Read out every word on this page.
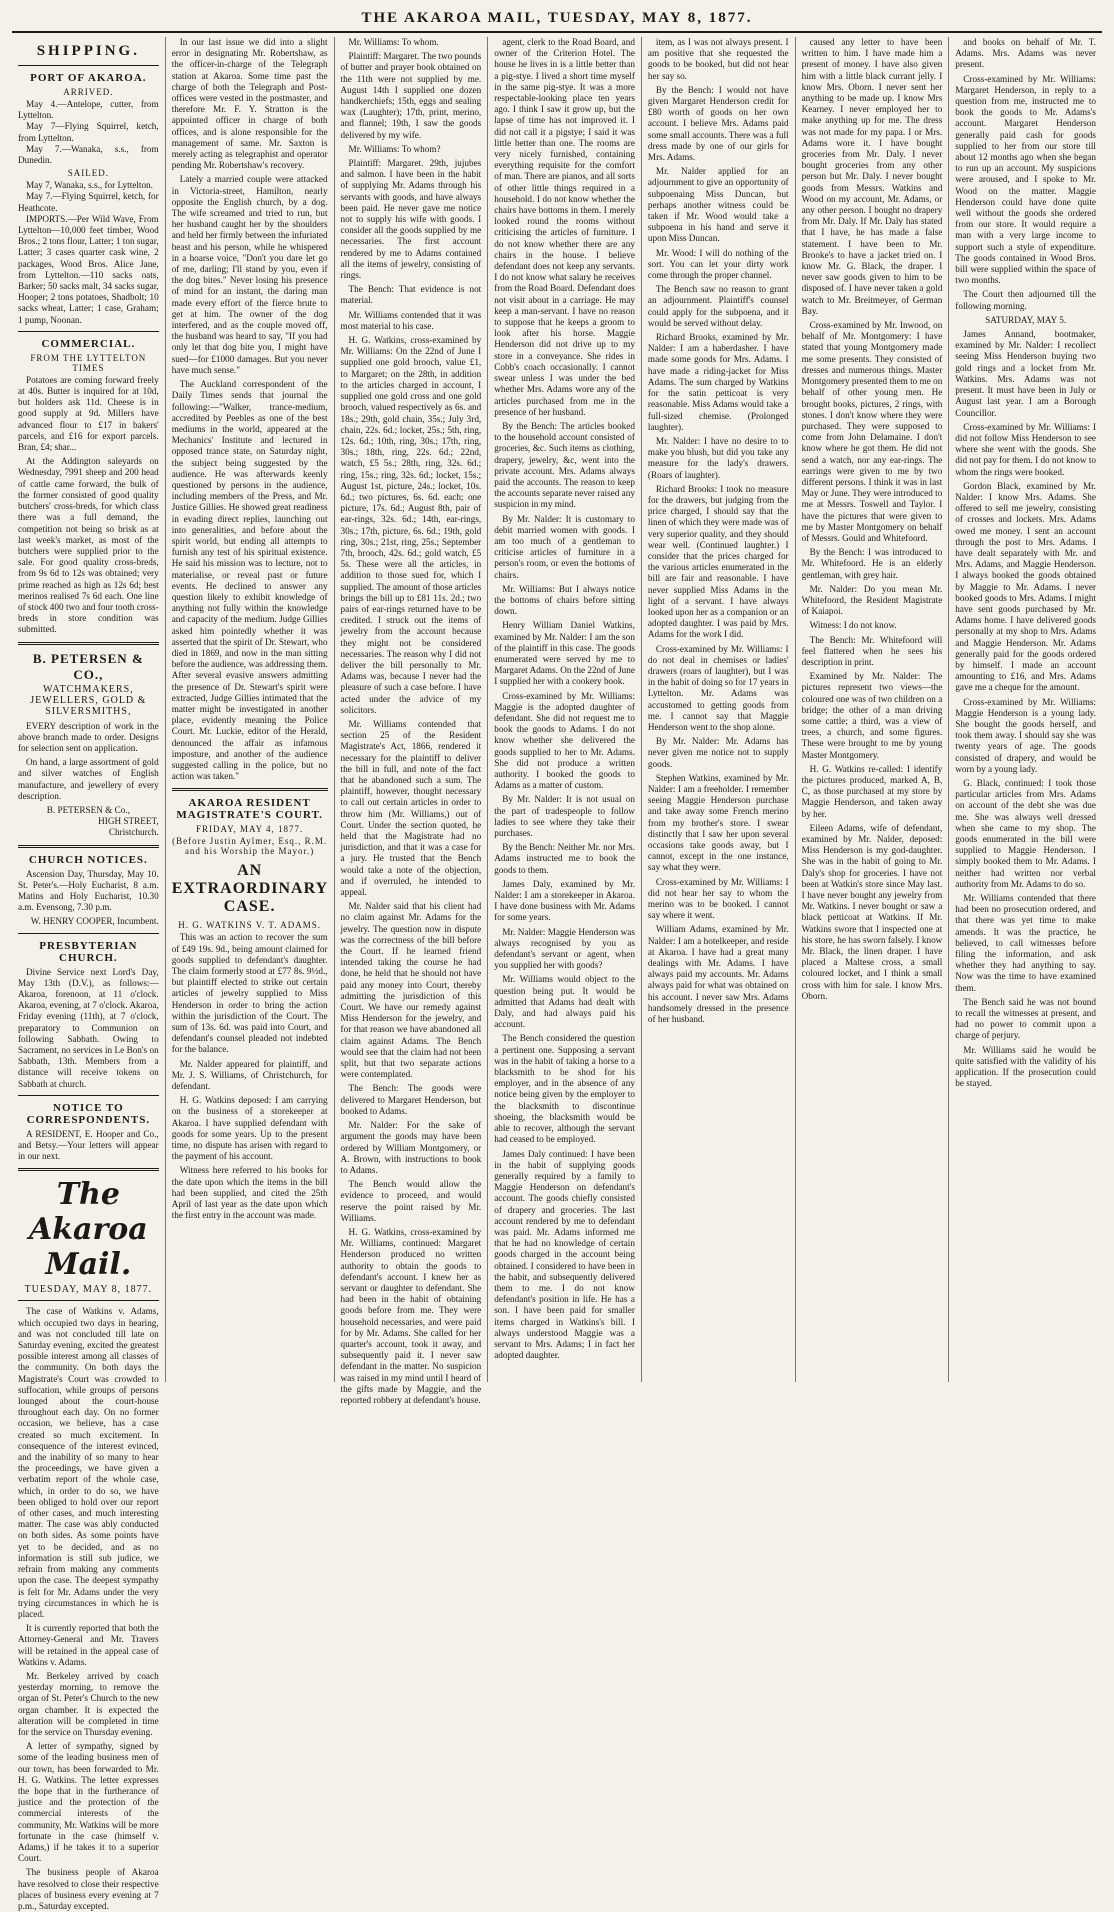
THE AKAROA MAIL, TUESDAY, MAY 8, 1877.
SHIPPING.
PORT OF AKAROA.
ARRIVED.

May 4.—Antelope, cutter, from Lyttelton.

May 7—Flying Squirrel, ketch, from Lyttelton.

May 7.—Wanaka, s.s., from Dunedin.

SAILED.

May 7, Wanaka, s.s., for Lyttelton.

May 7.—Flying Squirrel, ketch, for Heathcote.

IMPORTS.—Per Wild Wave, From Lyttelton—10,000 feet timber, Wood Bros.; 2 tons flour, Latter; 1 ton sugar, Latter; 3 cases quarter cask wine, 2 packages, Wood Bros. Alice Jane, from Lyttelton.—110 sacks oats, Barker; 50 sacks malt, 34 sacks sugar, Hooper; 2 tons potatoes, Shadbolt; 10 sacks wheat, Latter; 1 case, Graham; 1 pump, Noonan.

COMMERCIAL.
FROM THE LYTTELTON TIMES

Potatoes are coming forward freely at 40s. Butter is inquired for at 10d, but holders ask 11d. Cheese is in good supply at 9d. Millers have advanced flour to £17 in bakers' parcels, and £16 for export parcels. Bran, £4; shar...

At the Addington saleyards on Wednesday, 7991 sheep and 200 head of cattle came forward, the bulk of the former consisted of good quality butchers' cross-breds, for which class there was a full demand, the competition not being so brisk as at last week's market, as most of the butchers were supplied prior to the sale. For good quality cross-breds, from 9s 6d to 12s was obtained; very prime reached as high as 12s 6d; best merinos realised 7s 6d each. One line of stock 400 two and four tooth cross-breds in store condition was submitted.

B. PETERSEN & CO.,
WATCHMAKERS, JEWELLERS, GOLD & SILVERSMITHS,

EVERY description of work in the above branch made to order. Designs for selection sent on application.

On hand, a large assortment of gold and silver watches of English manufacture, and jewellery of every description.

B. PETERSEN & Co.,

HIGH STREET,

Christchurch.

CHURCH NOTICES.

Ascension Day, Thursday, May 10. St. Peter's.—Holy Eucharist, 8 a.m. Matins and Holy Eucharist, 10.30 a.m. Evensong, 7.30 p.m.

W. HENRY COOPER, Incumbent.

PRESBYTERIAN CHURCH.

Divine Service next Lord's Day, May 13th (D.V.), as follows:— Akaroa, forenoon, at 11 o'clock. Akaroa, evening, at 7 o'clock. Akaroa, Friday evening (11th), at 7 o'clock, preparatory to Communion on following Sabbath. Owing to Sacrament, no services in Le Bon's on Sabbath, 13th. Members from a distance will receive tokens on Sabbath at church.

NOTICE TO CORRESPONDENTS.

A RESIDENT, E. Hooper and Co., and Betsy.—Your letters will appear in our next.

The Akaroa Mail.
TUESDAY, MAY 8, 1877.

The case of Watkins v. Adams, which occupied two days in hearing, and was not concluded till late on Saturday evening, excited the greatest possible interest among all classes of the community. On both days the Magistrate's Court was crowded to suffocation, while groups of persons lounged about the court-house throughout each day. On no former occasion, we believe, has a case created so much excitement. In consequence of the interest evinced, and the inability of so many to hear the proceedings, we have given a verbatim report of the whole case, which, in order to do so, we have been obliged to hold over our report of other cases, and much interesting matter. The case was ably conducted on both sides. As some points have yet to be decided, and as no information is still sub judice, we refrain from making any comments upon the case. The deepest sympathy is felt for Mr. Adams under the very trying circumstances in which he is placed.

It is currently reported that both the Attorney-General and Mr. Travers will be retained in the appeal case of Watkins v. Adams.

Mr. Berkeley arrived by coach yesterday morning, to remove the organ of St. Peter's Church to the new organ chamber. It is expected the alteration will be completed in time for the service on Thursday evening.

A letter of sympathy, signed by some of the leading business men of our town, has been forwarded to Mr. H. G. Watkins. The letter expresses the hope that in the furtherance of justice and the protection of the commercial interests of the community, Mr. Watkins will be more fortunate in the case (himself v. Adams,) if he takes it to a superior Court.

The business people of Akaroa have resolved to close their respective places of business every evening at 7 p.m., Saturday excepted.

In our last issue we did into a slight error in designating Mr. Robertshaw, as the officer-in-charge of the Telegraph station at Akaroa. Some time past the charge of both the Telegraph and Post-offices were vested in the postmaster, and therefore Mr. F. Y. Stratton is the appointed officer in charge of both offices, and is alone responsible for the management of same. Mr. Saxton is merely acting as telegraphist and operator pending Mr. Robertshaw's recovery.

Lately a married couple were attacked in Victoria-street, Hamilton, nearly opposite the English church, by a dog. The wife screamed and tried to run, but her husband caught her by the shoulders and held her firmly between the infuriated beast and his person, while he whispered in a hoarse voice, "Don't you dare let go of me, darling; I'll stand by you, even if the dog bites." Never losing his presence of mind for an instant, the daring man made every effort of the fierce brute to get at him. The owner of the dog interfered, and as the couple moved off, the husband was heard to say, "If you had only let that dog bite you, I might have sued—for £1000 damages. But you never have much sense."

The Auckland correspondent of the Daily Times sends that journal the following:—"Walker, trance-medium, accredited by Peebles as one of the best mediums in the world, appeared at the Mechanics' Institute and lectured in opposed trance state, on Saturday night, the subject being suggested by the audience. He was afterwards keenly questioned by persons in the audience, including members of the Press, and Mr. Justice Gillies. He showed great readiness in evading direct replies, launching out into generalities, and before about the spirit world, but ending all attempts to furnish any test of his spiritual existence. He said his mission was to lecture, not to materialise, or reveal past or future events. He declined to answer any question likely to exhibit knowledge of anything not fully within the knowledge and capacity of the medium. Judge Gillies asked him pointedly whether it was asserted that the spirit of Dr. Stewart, who died in 1869, and now in the man sitting before the audience, was addressing them. After several evasive answers admitting the presence of Dr. Stewart's spirit were extracted, Judge Gillies intimated that the matter might be investigated in another place, evidently meaning the Police Court. Mr. Luckie, editor of the Herald, denounced the affair as infamous imposture, and another of the audience suggested calling in the police, but no action was taken."

AKAROA RESIDENT MAGISTRATE'S COURT.
FRIDAY, MAY 4, 1877.
(Before Justin Aylmer, Esq., R.M. and his Worship the Mayor.)
AN EXTRAORDINARY CASE.
H. G. WATKINS V. T. ADAMS.

This was an action to recover the sum of £49 19s. 9d., being amount claimed for goods supplied to defendant's daughter. The claim formerly stood at £77 8s. 9½d., but plaintiff elected to strike out certain articles of jewelry supplied to Miss Henderson in order to bring the action within the jurisdiction of the Court. The sum of 13s. 6d. was paid into Court, and defendant's counsel pleaded not indebted for the balance.

Mr. Nalder appeared for plaintiff, and Mr. J. S. Williams, of Christchurch, for defendant.

H. G. Watkins deposed: I am carrying on the business of a storekeeper at Akaroa. I have supplied defendant with goods for some years. Up to the present time, no dispute has arisen with regard to the payment of his account.

Witness here referred to his books for the date upon which the items in the bill had been supplied, and cited the 25th April of last year as the date upon which the first entry in the account was made.

Mr. Williams: To whom.

Plaintiff: Margaret. The two pounds of butter and prayer book obtained on the 11th were not supplied by me. August 14th I supplied one dozen handkerchiefs; 15th, eggs and sealing wax (Laughter); 17th, print, merino, and flannel; 19th, I saw the goods delivered by my wife.

Mr. Williams: To whom?

Plaintiff: Margaret. 29th, jujubes and salmon. I have been in the habit of supplying Mr. Adams through his servants with goods, and have always been paid. He never gave me notice not to supply his wife with goods. I consider all the goods supplied by me necessaries. The first account rendered by me to Adams contained all the items of jewelry, consisting of rings.

The Bench: That evidence is not material.

Mr. Williams contended that it was most material to his case.

H. G. Watkins, cross-examined by Mr. Williams: On the 22nd of June I supplied one gold brooch, value £1, to Margaret; on the 28th, in addition to the articles charged in account, I supplied one gold cross and one gold brooch, valued respectively as 6s. and 18s.; 29th, gold chain, 35s.; July 3rd, chain, 22s. 6d.; locket, 25s.; 5th, ring, 12s. 6d.; 10th, ring, 30s.; 17th, ring, 30s.; 18th, ring, 22s. 6d.; 22nd, watch, £5 5s.; 28th, ring, 32s. 6d.; ring, 15s.; ring, 32s. 6d.; locket, 15s.; August 1st, picture, 24s.; locket, 10s. 6d.; two pictures, 6s. 6d. each; one picture, 17s. 6d.; August 8th, pair of ear-rings, 32s. 6d.; 14th, ear-rings, 30s.; 17th, picture, 6s. 6d.; 19th, gold ring, 30s.; 21st, ring, 25s.; September 7th, brooch, 42s. 6d.; gold watch, £5 5s. These were all the articles, in addition to those sued for, which I supplied. The amount of those articles brings the bill up to £81 11s. 2d.; two pairs of ear-rings returned have to be credited. I struck out the items of jewelry from the account because they might not be considered necessaries. The reason why I did not deliver the bill personally to Mr. Adams was, because I never had the pleasure of such a case before. I have acted under the advice of my solicitors.

Mr. Williams contended that section 25 of the Resident Magistrate's Act, 1866, rendered it necessary for the plaintiff to deliver the bill in full, and note of the fact that he abandoned such a sum. The plaintiff, however, thought necessary to call out certain articles in order to throw him (Mr. Williams,) out of Court. Under the section quoted, he held that the Magistrate had no jurisdiction, and that it was a case for a jury. He trusted that the Bench would take a note of the objection, and if overruled, he intended to appeal.

Mr. Nalder said that his client had no claim against Mr. Adams for the jewelry. The question now in dispute was the correctness of the bill before the Court. If he learned friend intended taking the course he had done, he held that he should not have paid any money into Court, thereby admitting the jurisdiction of this Court. We have our remedy against Miss Henderson for the jewelry, and for that reason we have abandoned all claim against Adams. The Bench would see that the claim had not been split, but that two separate actions were contemplated.

The Bench: The goods were delivered to Margaret Henderson, but booked to Adams.

Mr. Nalder: For the sake of argument the goods may have been ordered by William Montgomery, or A. Brown, with instructions to book to Adams.

The Bench would allow the evidence to proceed, and would reserve the point raised by Mr. Williams.

H. G. Watkins, cross-examined by Mr. Williams, continued: Margaret Henderson produced no written authority to obtain the goods to defendant's account. I knew her as servant or daughter to defendant. She had been in the habit of obtaining goods before from me. They were household necessaries, and were paid for by Mr. Adams. She called for her quarter's account, took it away, and subsequently paid it. I never saw defendant in the matter. No suspicion was raised in my mind until I heard of the gifts made by Maggie, and the reported robbery at defendant's house.

agent, clerk to the Road Board, and owner of the Criterion Hotel. The house he lives in is a little better than a pig-stye. I lived a short time myself in the same pig-stye. It was a more respectable-looking place ten years ago. I think I saw it grow up, but the lapse of time has not improved it. I did not call it a pigstye; I said it was little better than one. The rooms are very nicely furnished, containing everything requisite for the comfort of man. There are pianos, and all sorts of other little things required in a household. I do not know whether the chairs have bottoms in them. I merely looked round the rooms without criticising the articles of furniture. I do not know whether there are any chairs in the house. I believe defendant does not keep any servants. I do not know what salary he receives from the Road Board. Defendant does not visit about in a carriage. He may keep a man-servant. I have no reason to suppose that he keeps a groom to look after his horse. Maggie Henderson did not drive up to my store in a conveyance. She rides in Cobb's coach occasionally. I cannot swear unless I was under the bed whether Mrs. Adams wore any of the articles purchased from me in the presence of her husband.

By the Bench: The articles booked to the household account consisted of groceries, &c. Such items as clothing, drapery, jewelry, &c, went into the private account. Mrs. Adams always paid the accounts. The reason to keep the accounts separate never raised any suspicion in my mind.

By Mr. Nalder: It is customary to debit married women with goods. I am too much of a gentleman to criticise articles of furniture in a person's room, or even the bottoms of chairs.

Mr. Williams: But I always notice the bottoms of chairs before sitting down.

Henry William Daniel Watkins, examined by Mr. Nalder: I am the son of the plaintiff in this case. The goods enumerated were served by me to Margaret Adams. On the 22nd of June I supplied her with a cookery book.

Cross-examined by Mr. Williams: Maggie is the adopted daughter of defendant. She did not request me to book the goods to Adams. I do not know whether she delivered the goods supplied to her to Mr. Adams. She did not produce a written authority. I booked the goods to Adams as a matter of custom.

By Mr. Nalder: It is not usual on the part of tradespeople to follow ladies to see where they take their purchases.

By the Bench: Neither Mr. nor Mrs. Adams instructed me to book the goods to them.

James Daly, examined by Mr. Nalder: I am a storekeeper in Akaroa. I have done business with Mr. Adams for some years.

Mr. Nalder: Maggie Henderson was always recognised by you as defendant's servant or agent, when you supplied her with goods?

Mr. Williams would object to the question being put. It would be admitted that Adams had dealt with Daly, and had always paid his account.

The Bench considered the question a pertinent one. Supposing a servant was in the habit of taking a horse to a blacksmith to be shod for his employer, and in the absence of any notice being given by the employer to the blacksmith to discontinue shoeing, the blacksmith would be able to recover, although the servant had ceased to be employed.

James Daly continued: I have been in the habit of supplying goods generally required by a family to Maggie Henderson on defendant's account. The goods chiefly consisted of drapery and groceries. The last account rendered by me to defendant was paid. Mr. Adams informed me that he had no knowledge of certain goods charged in the account being obtained. I considered to have been in the habit, and subsequently delivered them to me. I do not know defendant's position in life. He has a son. I have been paid for smaller items charged in Watkins's bill. I always understood Maggie was a servant to Mrs. Adams; I in fact her adopted daughter.

item, as I was not always present. I am positive that she requested the goods to be booked, but did not hear her say so.

By the Bench: I would not have given Margaret Henderson credit for £80 worth of goods on her own account. I believe Mrs. Adams paid some small accounts. There was a full dress made by one of our girls for Mrs. Adams.

Mr. Nalder applied for an adjournment to give an opportunity of subpoenaing Miss Duncan, but perhaps another witness could be taken if Mr. Wood would take a subpoena in his hand and serve it upon Miss Duncan.

Mr. Wood: I will do nothing of the sort. You can let your dirty work come through the proper channel.

The Bench saw no reason to grant an adjournment. Plaintiff's counsel could apply for the subpoena, and it would be served without delay.

Richard Brooks, examined by Mr. Nalder: I am a haberdasher. I have made some goods for Mrs. Adams. I have made a riding-jacket for Miss Adams. The sum charged by Watkins for the satin petticoat is very reasonable. Miss Adams would take a full-sized chemise. (Prolonged laughter).

Mr. Nalder: I have no desire to to make you blush, but did you take any measure for the lady's drawers. (Roars of laughter).

Richard Brooks: I took no measure for the drawers, but judging from the price charged, I should say that the linen of which they were made was of very superior quality, and they should wear well. (Continued laughter.) I consider that the prices charged for the various articles enumerated in the bill are fair and reasonable. I have never supplied Miss Adams in the light of a servant. I have always looked upon her as a companion or an adopted daughter. I was paid by Mrs. Adams for the work I did.

Cross-examined by Mr. Williams: I do not deal in chemises or ladies' drawers (roars of laughter), but I was in the habit of doing so for 17 years in Lyttelton. Mr. Adams was accustomed to getting goods from me. I cannot say that Maggie Henderson went to the shop alone.

By Mr. Nalder: Mr. Adams has never given me notice not to supply goods.

Stephen Watkins, examined by Mr. Nalder: I am a freeholder. I remember seeing Maggie Henderson purchase and take away some French merino from my brother's store. I swear distinctly that I saw her upon several occasions take goods away, but I cannot, except in the one instance, say what they were.

Cross-examined by Mr. Williams: I did not hear her say to whom the merino was to be booked. I cannot say where it went.

William Adams, examined by Mr. Nalder: I am a hotelkeeper, and reside at Akaroa. I have had a great many dealings with Mr. Adams. I have always paid my accounts. Mr. Adams always paid for what was obtained on his account. I never saw Mrs. Adams handsomely dressed in the presence of her husband.

caused any letter to have been written to him. I have made him a present of money. I have also given him with a little black currant jelly. I know Mrs. Oborn. I never sent her anything to be made up. I know Mrs Kearney. I never employed her to make anything up for me. The dress was not made for my papa. I or Mrs. Adams wore it. I have bought groceries from Mr. Daly. I never bought groceries from any other person but Mr. Daly. I never bought goods from Messrs. Watkins and Wood on my account, Mr. Adams, or any other person. I bought no drapery from Mr. Daly. If Mr. Daly has stated that I have, he has made a false statement. I have been to Mr. Brooke's to have a jacket tried on. I know Mr. G. Black, the draper. I never saw goods given to him to be disposed of. I have never taken a gold watch to Mr. Breitmeyer, of German Bay.

Cross-examined by Mr. Inwood, on behalf of Mr. Montgomery: I have stated that young Montgomery made me some presents. They consisted of dresses and numerous things. Master Montgomery presented them to me on behalf of other young men. He brought books, pictures, 2 rings, with stones. I don't know where they were purchased. They were supposed to come from John Delamaine. I don't know where he got them. He did not send a watch, nor any ear-rings. The earrings were given to me by two different persons. I think it was in last May or June. They were introduced to me at Messrs. Toswell and Taylor. I have the pictures that were given to me by Master Montgomery on behalf of Messrs. Gould and Whitefoord.

By the Bench: I was introduced to Mr. Whitefoord. He is an elderly gentleman, with grey hair.

Mr. Nalder: Do you mean Mr. Whitefoord, the Resident Magistrate of Kaiapoi.

Witness: I do not know.

The Bench: Mr. Whitefoord will feel flattered when he sees his description in print.

Examined by Mr. Nalder: The pictures represent two views—the coloured one was of two children on a bridge; the other of a man driving some cattle; a third, was a view of trees, a church, and some figures. These were brought to me by young Master Montgomery.

H. G. Watkins re-called: I identify the pictures produced, marked A, B, C, as those purchased at my store by Maggie Henderson, and taken away by her.

Eileen Adams, wife of defendant, examined by Mr. Nalder, deposed: Miss Henderson is my god-daughter. She was in the habit of going to Mr. Daly's shop for groceries. I have not been at Watkin's store since May last. I have never bought any jewelry from Mr. Watkins. I never bought or saw a black petticoat at Watkins. If Mr. Watkins swore that I inspected one at his store, he has sworn falsely. I know Mr. Black, the linen draper. I have placed a Maltese cross, a small coloured locket, and I think a small cross with him for sale. I know Mrs. Oborn.

and books on behalf of Mr. T. Adams. Mrs. Adams was never present.

Cross-examined by Mr. Williams: Margaret Henderson, in reply to a question from me, instructed me to book the goods to Mr. Adams's account. Margaret Henderson generally paid cash for goods supplied to her from our store till about 12 months ago when she began to run up an account. My suspicions were aroused, and I spoke to Mr. Wood on the matter. Maggie Henderson could have done quite well without the goods she ordered from our store. It would require a man with a very large income to support such a style of expenditure. The goods contained in Wood Bros. bill were supplied within the space of two months.

The Court then adjourned till the following morning.

SATURDAY, MAY 5.

James Annand, bootmaker, examined by Mr. Nalder: I recollect seeing Miss Henderson buying two gold rings and a locket from Mr. Watkins. Mrs. Adams was not present. It must have been in July or August last year. I am a Borough Councillor.

Cross-examined by Mr. Williams: I did not follow Miss Henderson to see where she went with the goods. She did not pay for them. I do not know to whom the rings were booked.

Gordon Black, examined by Mr. Nalder: I know Mrs. Adams. She offered to sell me jewelry, consisting of crosses and lockets. Mrs. Adams owed me money. I sent an account through the post to Mrs. Adams. I have dealt separately with Mr. and Mrs. Adams, and Maggie Henderson. I always booked the goods obtained by Maggie to Mr. Adams. I never booked goods to Mrs. Adams. I might have sent goods purchased by Mr. Adams home. I have delivered goods personally at my shop to Mrs. Adams and Maggie Henderson. Mr. Adams generally paid for the goods ordered by himself. I made an account amounting to £16, and Mrs. Adams gave me a cheque for the amount.

Cross-examined by Mr. Williams: Maggie Henderson is a young lady. She bought the goods herself, and took them away. I should say she was twenty years of age. The goods consisted of drapery, and would be worn by a young lady.

G. Black, continued: I took those particular articles from Mrs. Adams on account of the debt she was due me. She was always well dressed when she came to my shop. The goods enumerated in the bill were supplied to Maggie Henderson. I simply booked them to Mr. Adams. I neither had written nor verbal authority from Mr. Adams to do so.

Mr. Williams contended that there had been no prosecution ordered, and that there was yet time to make amends. It was the practice, he believed, to call witnesses before filing the information, and ask whether they had anything to say. Now was the time to have examined them.

The Bench said he was not bound to recall the witnesses at present, and had no power to commit upon a charge of perjury.

Mr. Williams said he would be quite satisfied with the validity of his application. If the prosecution could be stayed.
